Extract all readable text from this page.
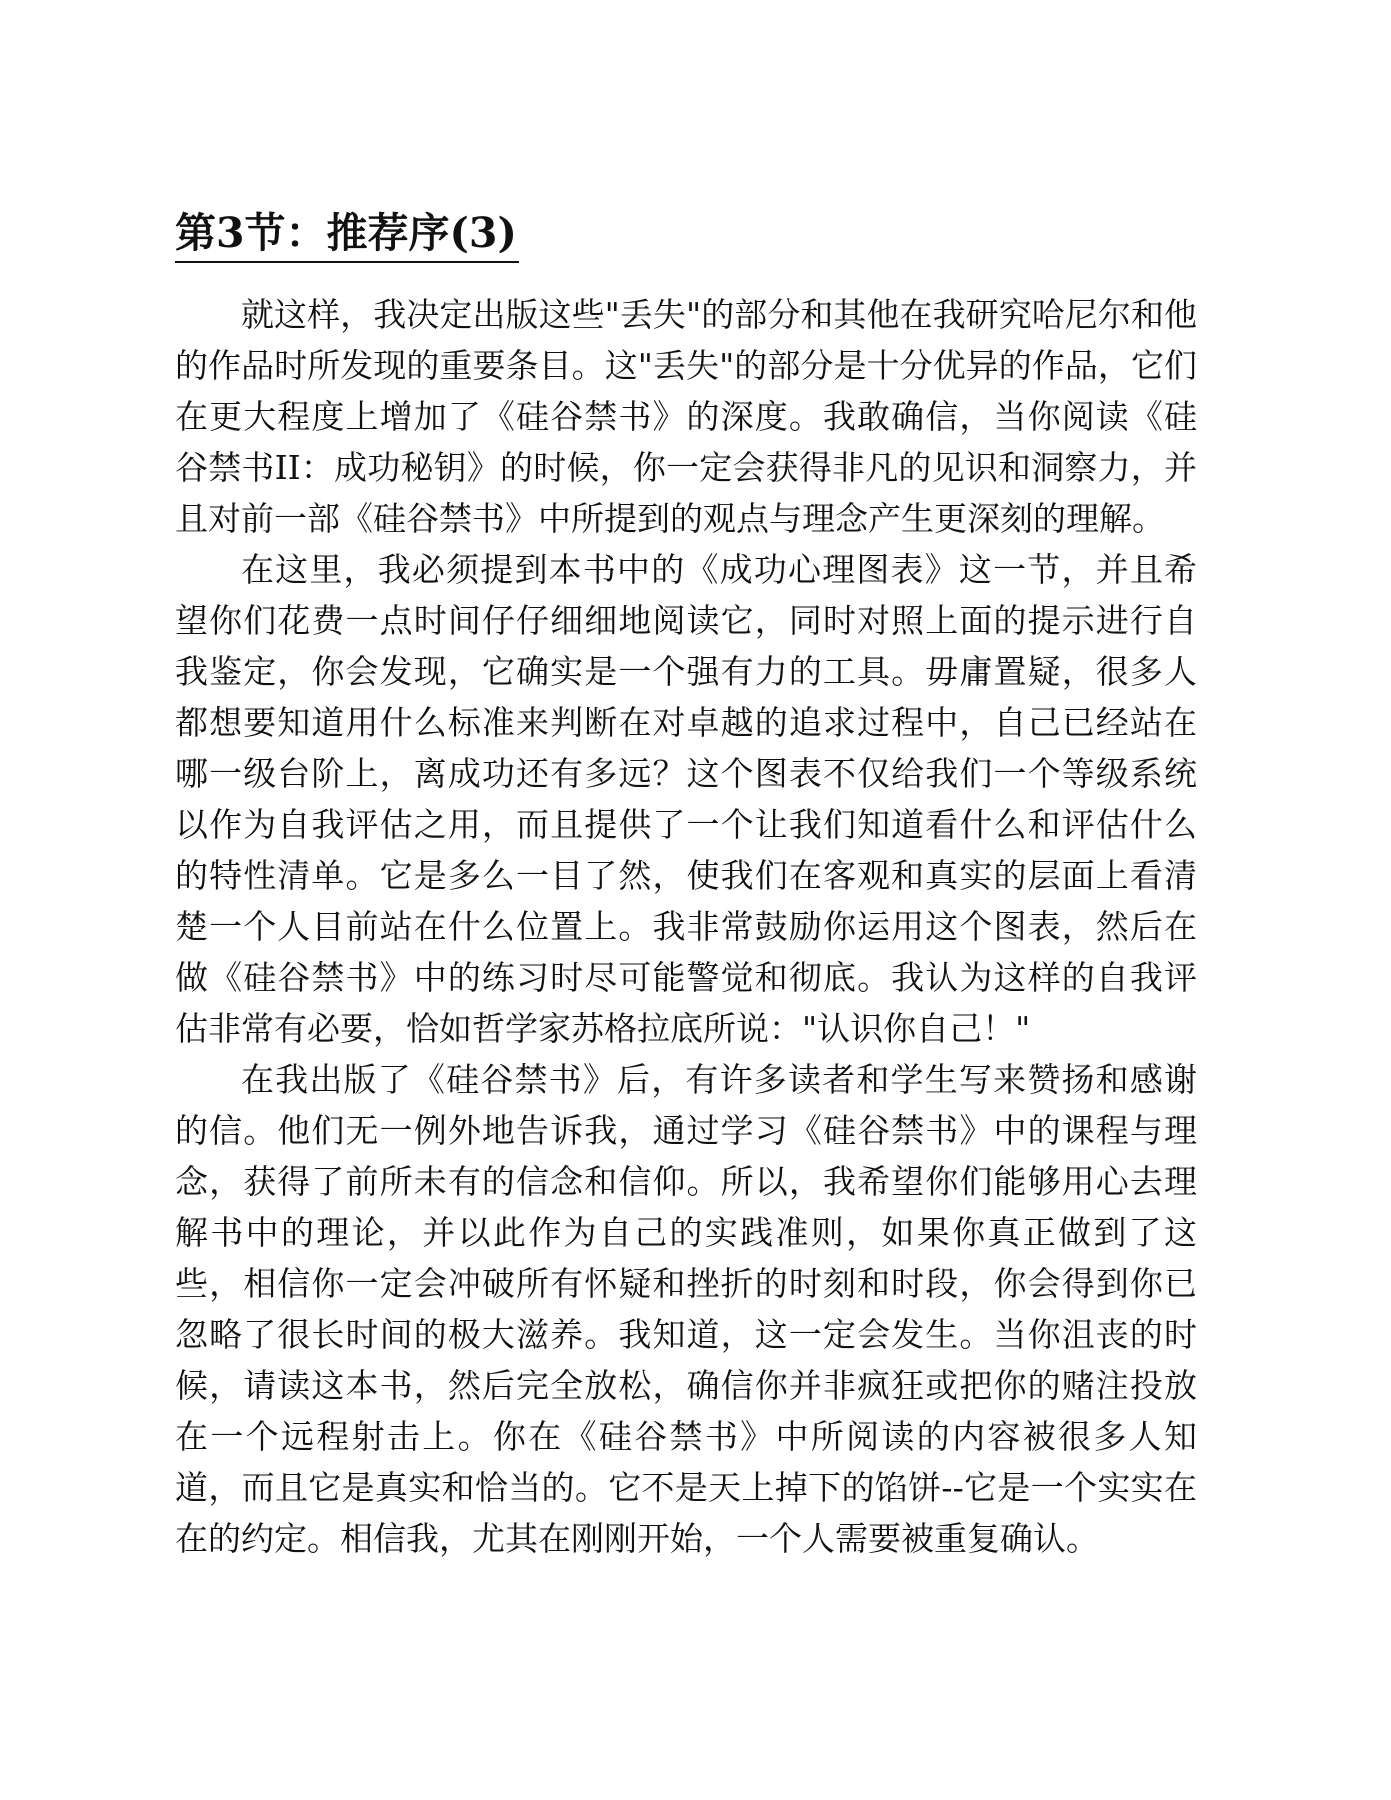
第3节：推荐序(3)

就这样，我决定出版这些"丢失"的部分和其他在我研究哈尼尔和他的作品时所发现的重要条目。这"丢失"的部分是十分优异的作品，它们在更大程度上增加了《硅谷禁书》的深度。我敢确信，当你阅读《硅谷禁书II：成功秘钥》的时候，你一定会获得非凡的见识和洞察力，并且对前一部《硅谷禁书》中所提到的观点与理念产生更深刻的理解。

在这里，我必须提到本书中的《成功心理图表》这一节，并且希望你们花费一点时间仔仔细细地阅读它，同时对照上面的提示进行自我鉴定，你会发现，它确实是一个强有力的工具。毋庸置疑，很多人都想要知道用什么标准来判断在对卓越的追求过程中，自己已经站在哪一级台阶上，离成功还有多远？这个图表不仅给我们一个等级系统以作为自我评估之用，而且提供了一个让我们知道看什么和评估什么的特性清单。它是多么一目了然，使我们在客观和真实的层面上看清楚一个人目前站在什么位置上。我非常鼓励你运用这个图表，然后在做《硅谷禁书》中的练习时尽可能警觉和彻底。我认为这样的自我评估非常有必要，恰如哲学家苏格拉底所说："认识你自己！"

在我出版了《硅谷禁书》后，有许多读者和学生写来赞扬和感谢的信。他们无一例外地告诉我，通过学习《硅谷禁书》中的课程与理念，获得了前所未有的信念和信仰。所以，我希望你们能够用心去理解书中的理论，并以此作为自己的实践准则，如果你真正做到了这些，相信你一定会冲破所有怀疑和挫折的时刻和时段，你会得到你已忽略了很长时间的极大滋养。我知道，这一定会发生。当你沮丧的时候，请读这本书，然后完全放松，确信你并非疯狂或把你的赌注投放在一个远程射击上。你在《硅谷禁书》中所阅读的内容被很多人知道，而且它是真实和恰当的。它不是天上掉下的馅饼--它是一个实实在在的约定。相信我，尤其在刚刚开始，一个人需要被重复确认。
